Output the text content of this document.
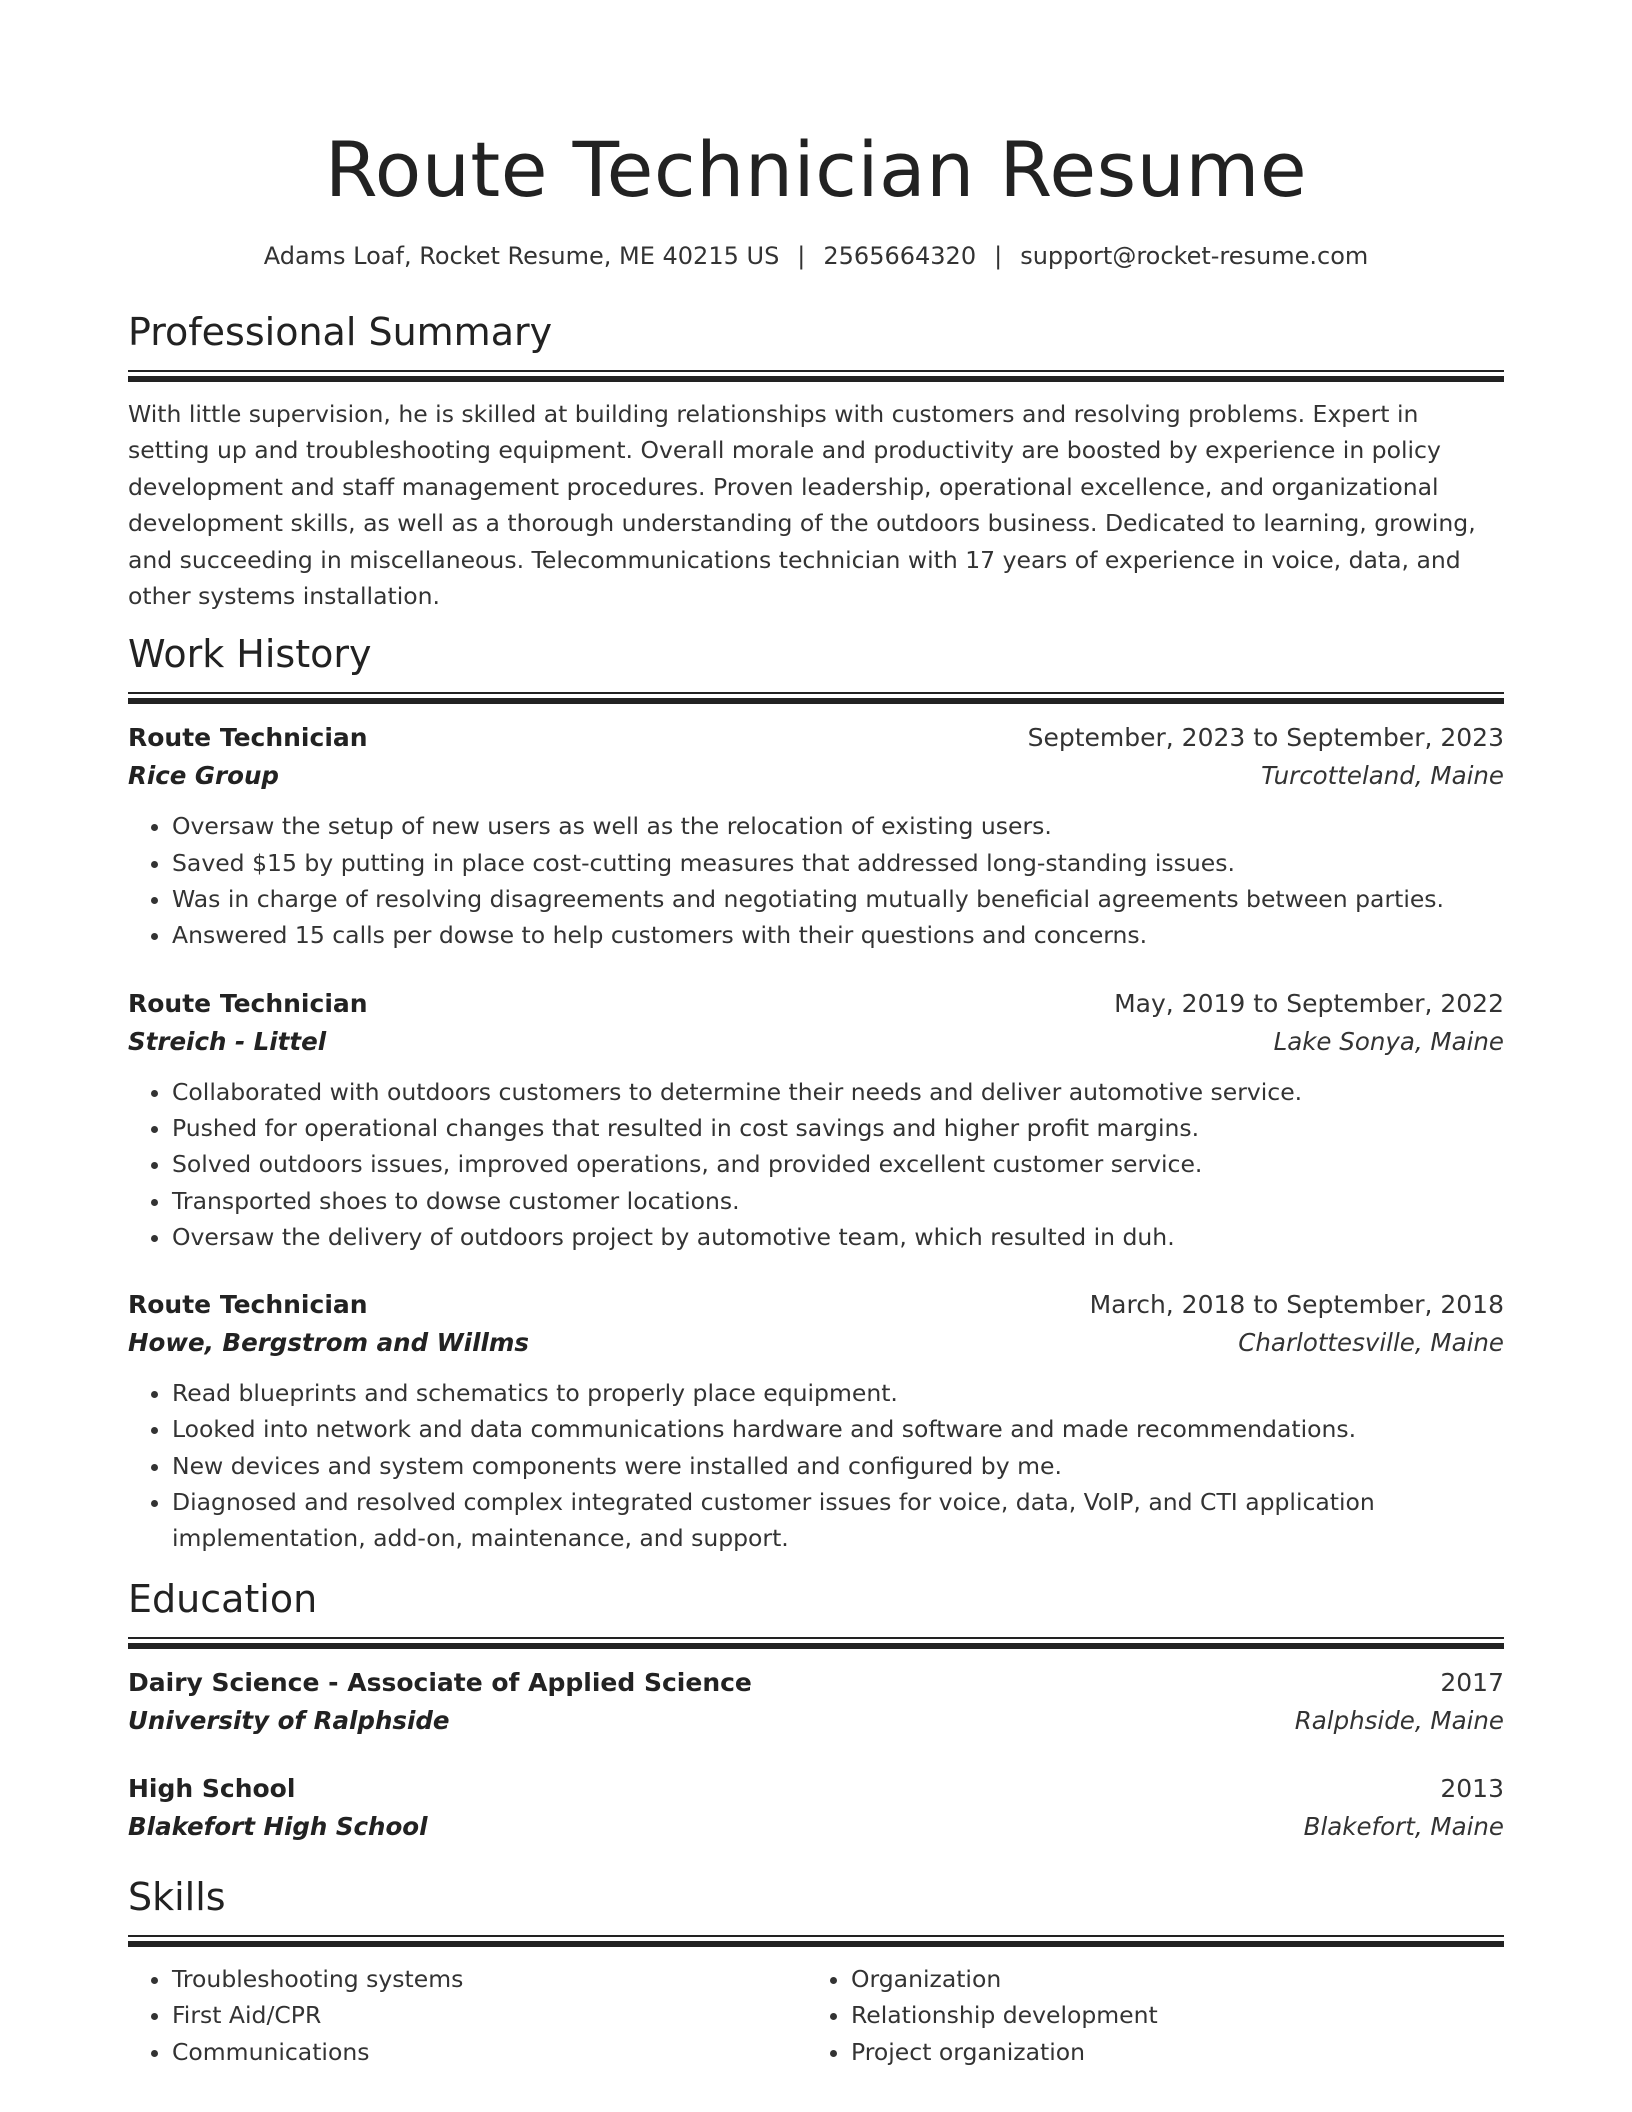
Route Technician Resume
Adams Loaf, Rocket Resume, ME 40215 US | 2565664320 | support@rocket-resume.com
Professional Summary

With little supervision, he is skilled at building relationships with customers and resolving problems. Expert in setting up and troubleshooting equipment. Overall morale and productivity are boosted by experience in policy development and staff management procedures. Proven leadership, operational excellence, and organizational development skills, as well as a thorough understanding of the outdoors business. Dedicated to learning, growing, and succeeding in miscellaneous. Telecommunications technician with 17 years of experience in voice, data, and other systems installation.

Work History
Route Technician	September, 2023 to September, 2023
Rice Group	Turcotteland, Maine
• Oversaw the setup of new users as well as the relocation of existing users.
• Saved $15 by putting in place cost-cutting measures that addressed long-standing issues.
• Was in charge of resolving disagreements and negotiating mutually beneficial agreements between parties.
• Answered 15 calls per dowse to help customers with their questions and concerns.
Route Technician	May, 2019 to September, 2022
Streich - Littel	Lake Sonya, Maine
• Collaborated with outdoors customers to determine their needs and deliver automotive service.
• Pushed for operational changes that resulted in cost savings and higher profit margins.
• Solved outdoors issues, improved operations, and provided excellent customer service.
• Transported shoes to dowse customer locations.
• Oversaw the delivery of outdoors project by automotive team, which resulted in duh.
Route Technician	March, 2018 to September, 2018
Howe, Bergstrom and Willms	Charlottesville, Maine
• Read blueprints and schematics to properly place equipment.
• Looked into network and data communications hardware and software and made recommendations.
• New devices and system components were installed and configured by me.
• Diagnosed and resolved complex integrated customer issues for voice, data, VoIP, and CTI application implementation, add-on, maintenance, and support.
Education
Dairy Science - Associate of Applied Science	2017
University of Ralphside	Ralphside, Maine
High School	2013
Blakefort High School	Blakefort, Maine
Skills
• Troubleshooting systems
• First Aid/CPR
• Communications
• Organization
• Relationship development
• Project organization
